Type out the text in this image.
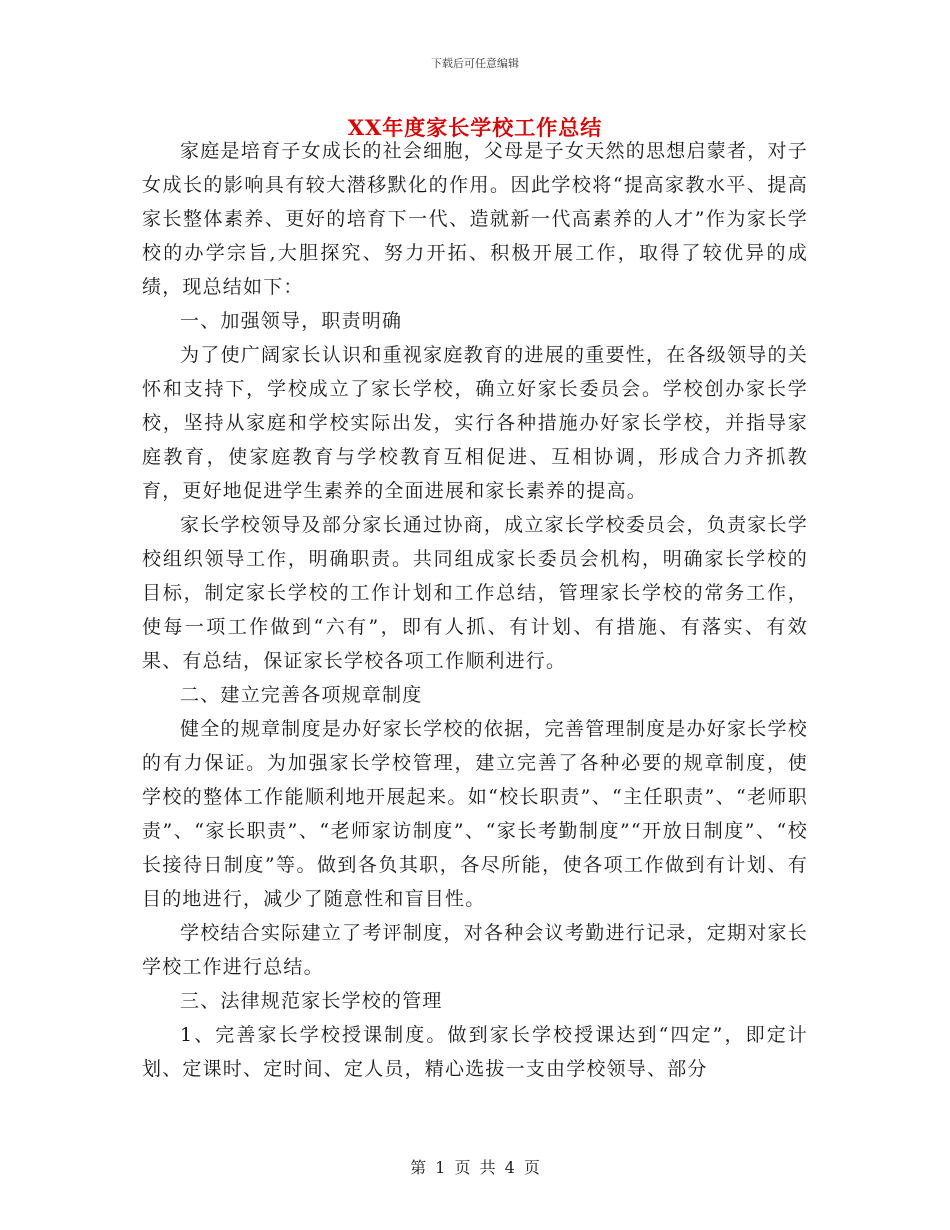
下载后可任意编辑
XX年度家长学校工作总结

家庭是培育子女成长的社会细胞，父母是子女天然的思想启蒙者，对子女成长的影响具有较大潜移默化的作用。因此学校将“提高家教水平、提高家长整体素养、更好的培育下一代、造就新一代高素养的人才”作为家长学校的办学宗旨,大胆探究、努力开拓、积极开展工作，取得了较优异的成绩，现总结如下：

一、加强领导，职责明确

为了使广阔家长认识和重视家庭教育的进展的重要性，在各级领导的关怀和支持下，学校成立了家长学校，确立好家长委员会。学校创办家长学校，坚持从家庭和学校实际出发，实行各种措施办好家长学校，并指导家庭教育，使家庭教育与学校教育互相促进、互相协调，形成合力齐抓教育，更好地促进学生素养的全面进展和家长素养的提高。

家长学校领导及部分家长通过协商，成立家长学校委员会，负责家长学校组织领导工作，明确职责。共同组成家长委员会机构，明确家长学校的目标，制定家长学校的工作计划和工作总结，管理家长学校的常务工作，使每一项工作做到“六有”，即有人抓、有计划、有措施、有落实、有效果、有总结，保证家长学校各项工作顺利进行。

二、建立完善各项规章制度

健全的规章制度是办好家长学校的依据，完善管理制度是办好家长学校的有力保证。为加强家长学校管理，建立完善了各种必要的规章制度，使学校的整体工作能顺利地开展起来。如“校长职责”、“主任职责”、“老师职责”、“家长职责”、“老师家访制度”、“家长考勤制度”“开放日制度”、“校长接待日制度”等。做到各负其职，各尽所能，使各项工作做到有计划、有目的地进行，减少了随意性和盲目性。

学校结合实际建立了考评制度，对各种会议考勤进行记录，定期对家长学校工作进行总结。

三、法律规范家长学校的管理

1、完善家长学校授课制度。做到家长学校授课达到“四定”，即定计划、定课时、定时间、定人员，精心选拔一支由学校领导、部分

第 1 页 共 4 页
